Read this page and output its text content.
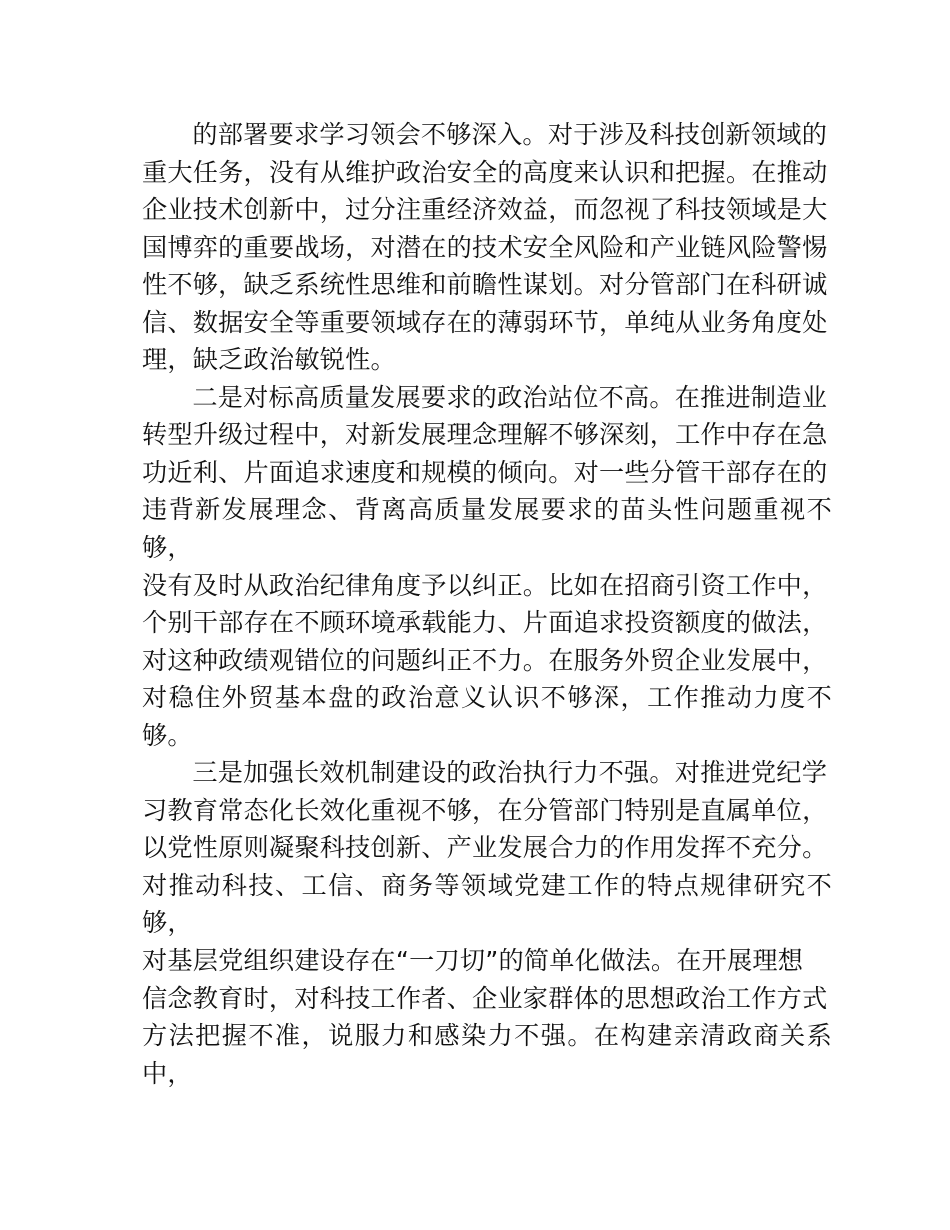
的部署要求学习领会不够深入。对于涉及科技创新领域的
重大任务，没有从维护政治安全的高度来认识和把握。在推动
企业技术创新中，过分注重经济效益，而忽视了科技领域是大
国博弈的重要战场，对潜在的技术安全风险和产业链风险警惕
性不够，缺乏系统性思维和前瞻性谋划。对分管部门在科研诚
信、数据安全等重要领域存在的薄弱环节，单纯从业务角度处
理，缺乏政治敏锐性。
二是对标高质量发展要求的政治站位不高。在推进制造业
转型升级过程中，对新发展理念理解不够深刻，工作中存在急
功近利、片面追求速度和规模的倾向。对一些分管干部存在的
违背新发展理念、背离高质量发展要求的苗头性问题重视不够，
没有及时从政治纪律角度予以纠正。比如在招商引资工作中，
个别干部存在不顾环境承载能力、片面追求投资额度的做法，
对这种政绩观错位的问题纠正不力。在服务外贸企业发展中，
对稳住外贸基本盘的政治意义认识不够深，工作推动力度不够。
三是加强长效机制建设的政治执行力不强。对推进党纪学
习教育常态化长效化重视不够，在分管部门特别是直属单位，
以党性原则凝聚科技创新、产业发展合力的作用发挥不充分。
对推动科技、工信、商务等领域党建工作的特点规律研究不够，
对基层党组织建设存在“一刀切”的简单化做法。在开展理想
信念教育时，对科技工作者、企业家群体的思想政治工作方式
方法把握不准，说服力和感染力不强。在构建亲清政商关系中，
